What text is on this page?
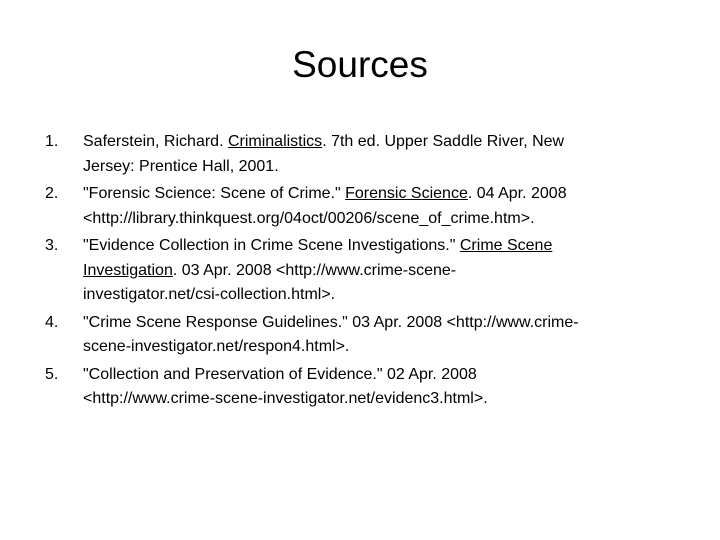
Sources
1. Saferstein, Richard. Criminalistics. 7th ed. Upper Saddle River, New
Jersey: Prentice Hall, 2001.
2. "Forensic Science: Scene of Crime." Forensic Science. 04 Apr. 2008
<http://library.thinkquest.org/04oct/00206/scene_of_crime.htm>.
3. "Evidence Collection in Crime Scene Investigations." Crime Scene
Investigation. 03 Apr. 2008 <http://www.crime-scene-
investigator.net/csi-collection.html>.
4. "Crime Scene Response Guidelines." 03 Apr. 2008 <http://www.crime-
scene-investigator.net/respon4.html>.
5. "Collection and Preservation of Evidence." 02 Apr. 2008
<http://www.crime-scene-investigator.net/evidenc3.html>.
